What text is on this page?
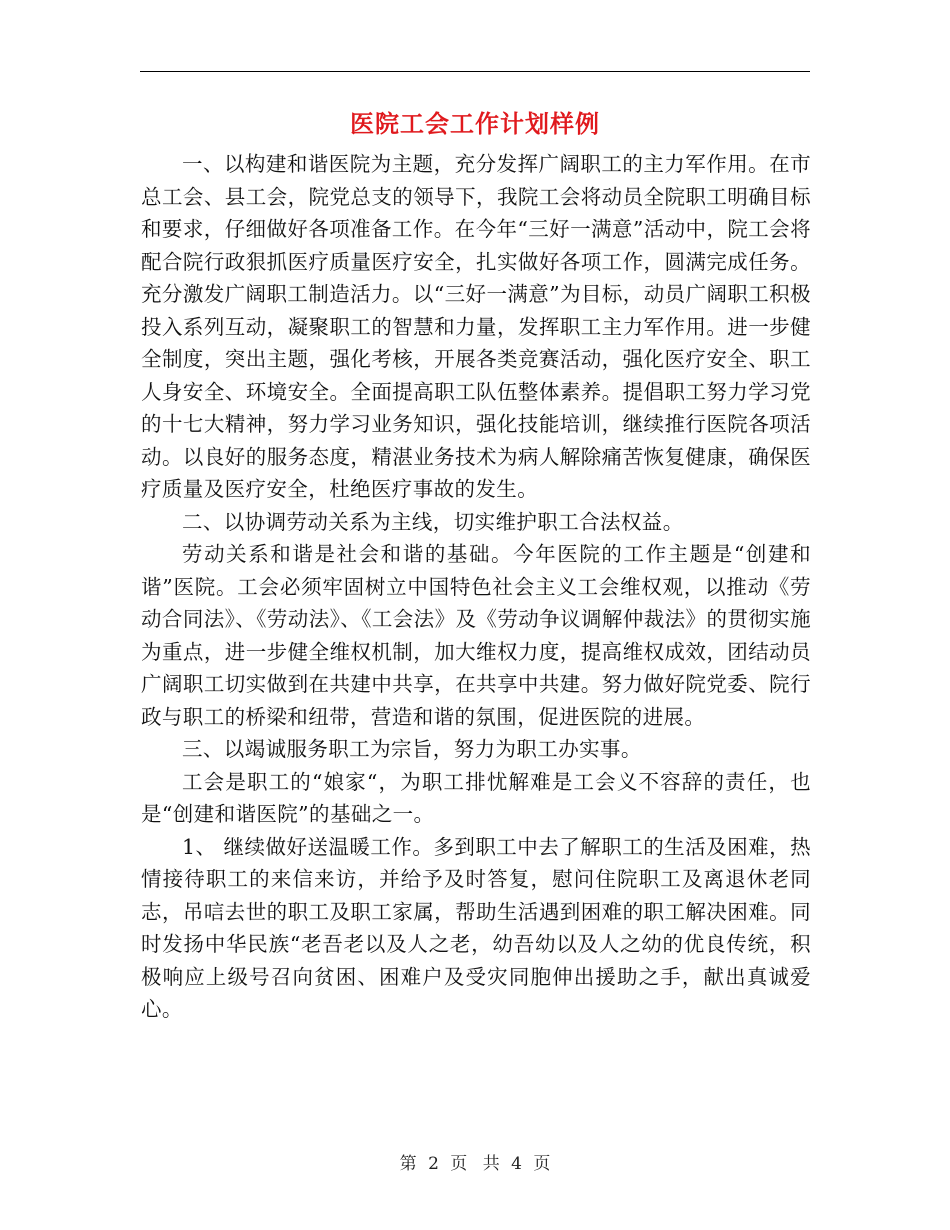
医院工会工作计划样例

一、以构建和谐医院为主题，充分发挥广阔职工的主力军作用。在市总工会、县工会，院党总支的领导下，我院工会将动员全院职工明确目标和要求，仔细做好各项准备工作。在今年“三好一满意”活动中，院工会将配合院行政狠抓医疗质量医疗安全，扎实做好各项工作，圆满完成任务。充分激发广阔职工制造活力。以“三好一满意”为目标，动员广阔职工积极投入系列互动，凝聚职工的智慧和力量，发挥职工主力军作用。进一步健全制度，突出主题，强化考核，开展各类竞赛活动，强化医疗安全、职工人身安全、环境安全。全面提高职工队伍整体素养。提倡职工努力学习党的十七大精神，努力学习业务知识，强化技能培训，继续推行医院各项活动。以良好的服务态度，精湛业务技术为病人解除痛苦恢复健康，确保医疗质量及医疗安全，杜绝医疗事故的发生。

二、以协调劳动关系为主线，切实维护职工合法权益。

劳动关系和谐是社会和谐的基础。今年医院的工作主题是“创建和谐”医院。工会必须牢固树立中国特色社会主义工会维权观，以推动《劳动合同法》、《劳动法》、《工会法》及《劳动争议调解仲裁法》的贯彻实施为重点，进一步健全维权机制，加大维权力度，提高维权成效，团结动员广阔职工切实做到在共建中共享，在共享中共建。努力做好院党委、院行政与职工的桥梁和纽带，营造和谐的氛围，促进医院的进展。

三、以竭诚服务职工为宗旨，努力为职工办实事。

工会是职工的“娘家“，为职工排忧解难是工会义不容辞的责任，也是“创建和谐医院”的基础之一。

1、 继续做好送温暖工作。多到职工中去了解职工的生活及困难，热情接待职工的来信来访，并给予及时答复，慰问住院职工及离退休老同志，吊唁去世的职工及职工家属，帮助生活遇到困难的职工解决困难。同时发扬中华民族“老吾老以及人之老，幼吾幼以及人之幼的优良传统，积极响应上级号召向贫困、困难户及受灾同胞伸出援助之手，献出真诚爱心。

第 2 页 共 4 页
